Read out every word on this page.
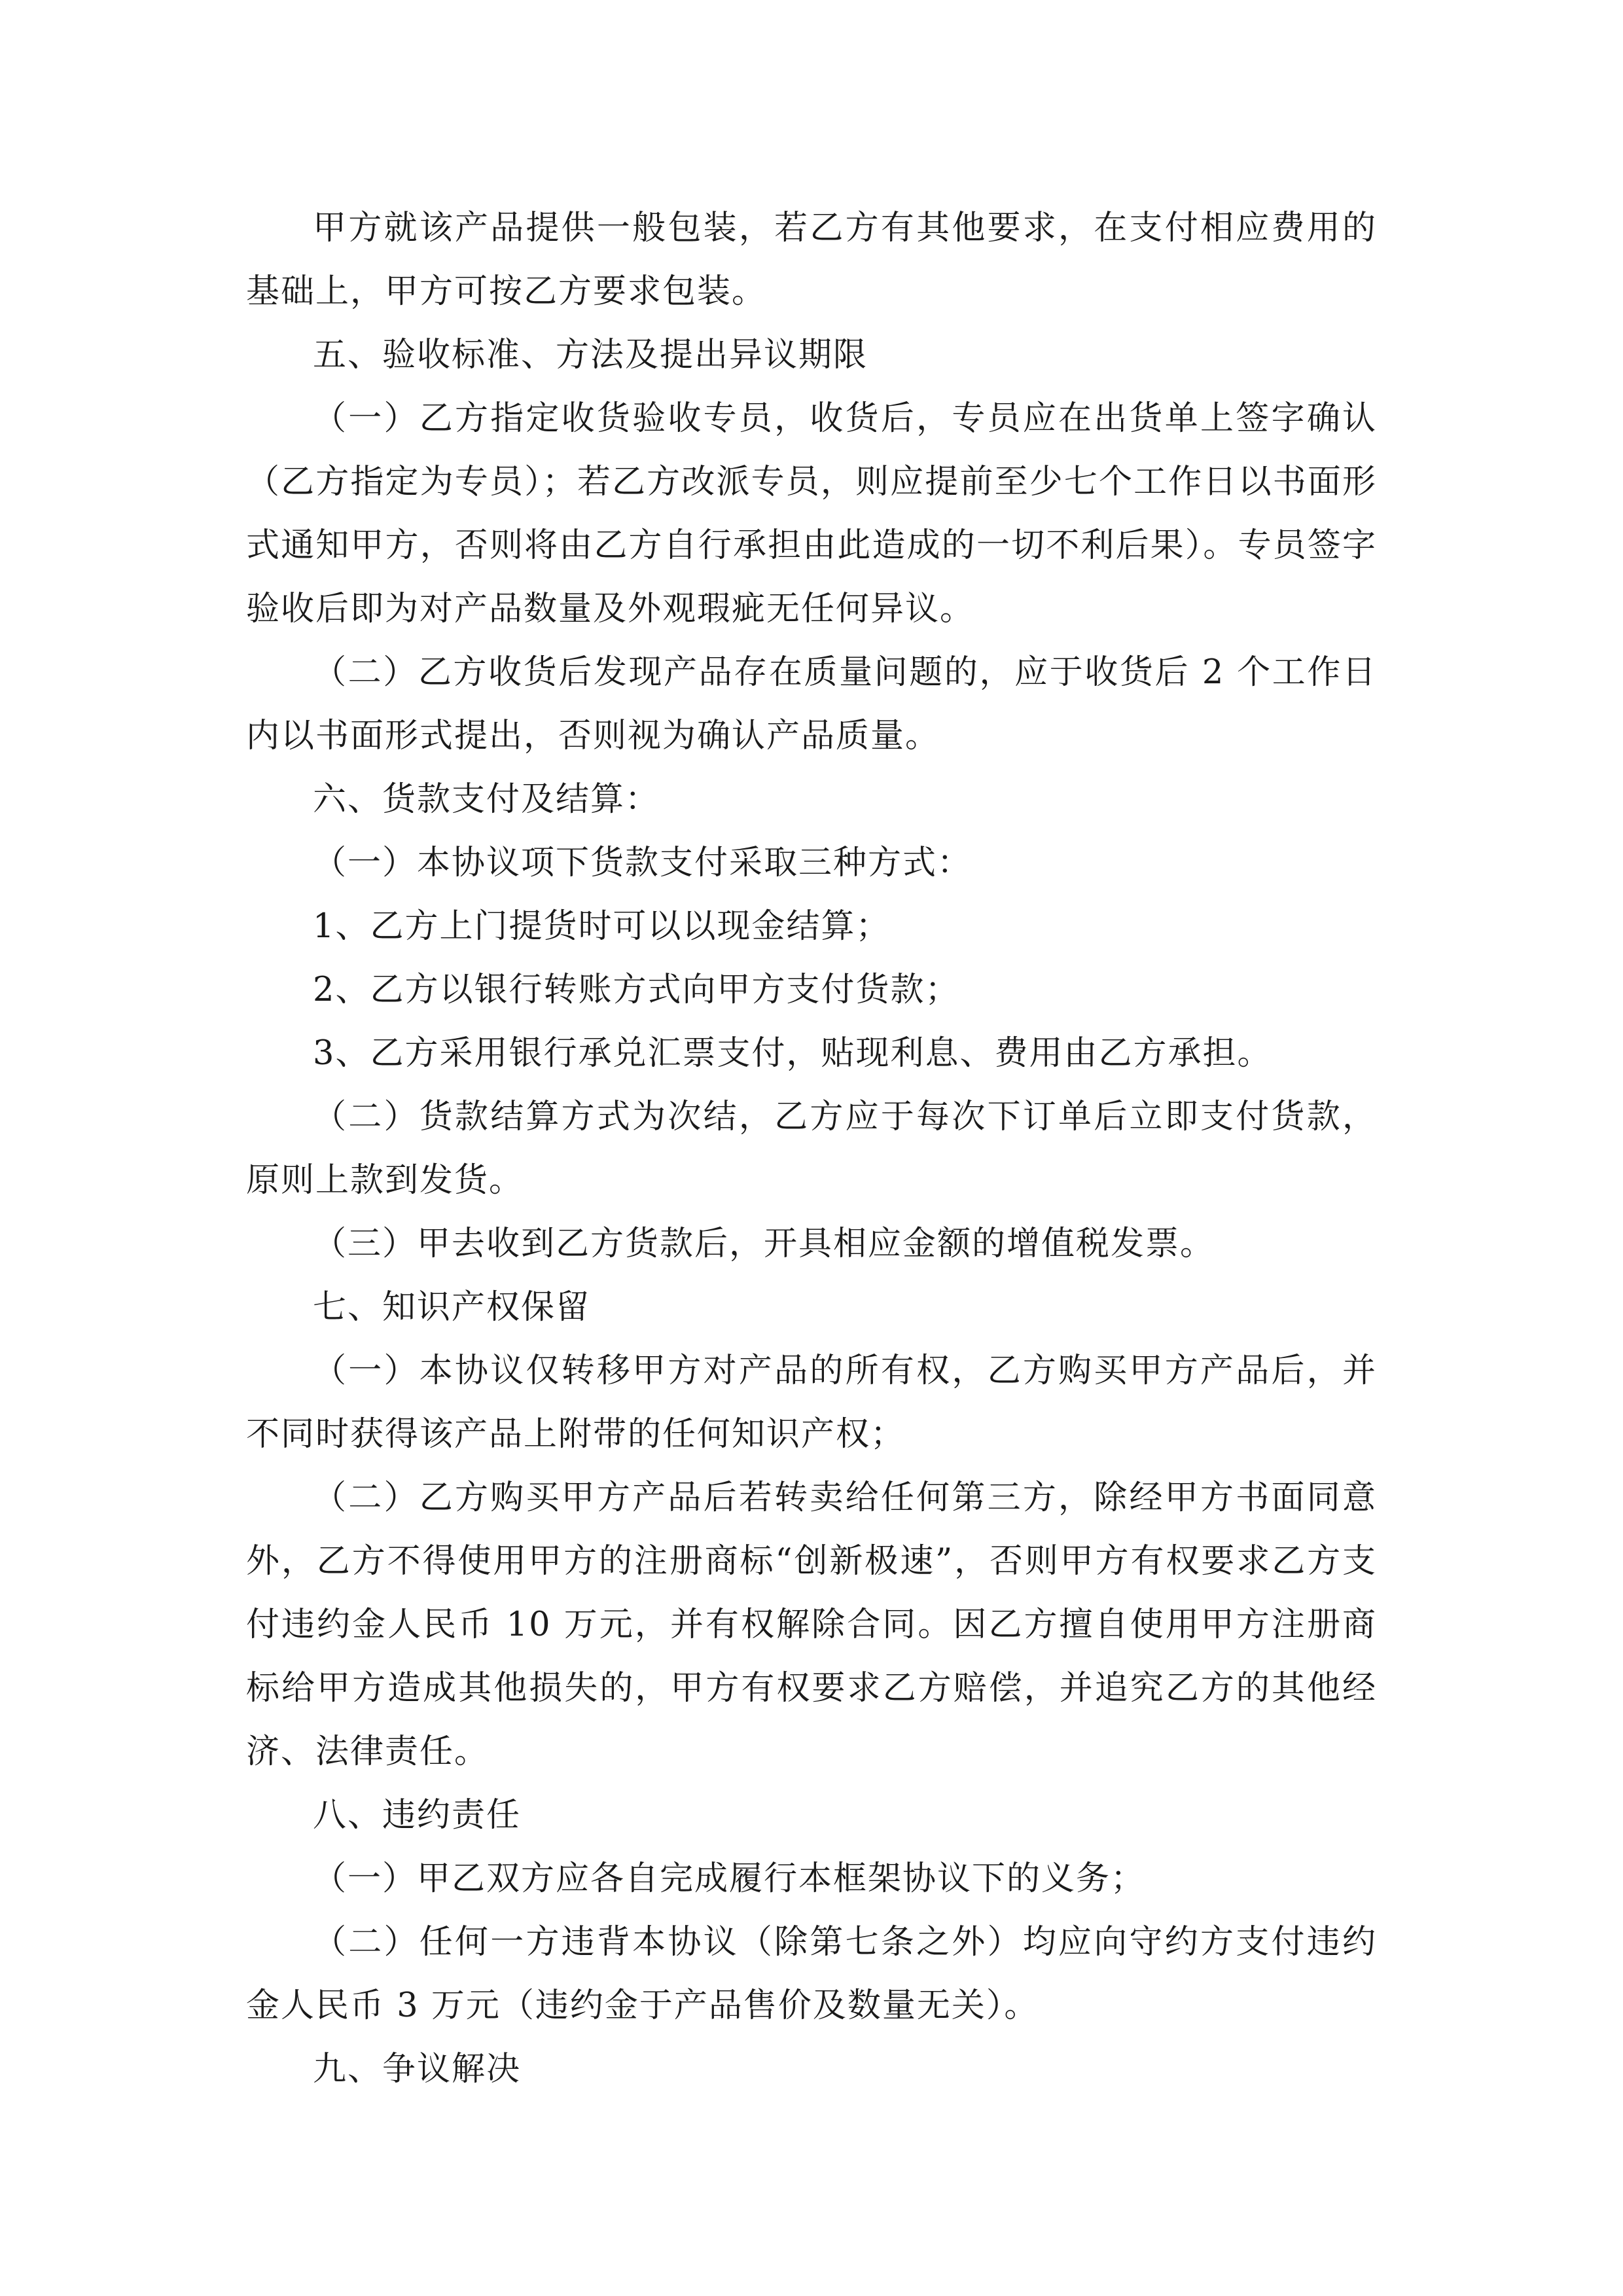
甲方就该产品提供一般包装，若乙方有其他要求，在支付相应费用的基础上，甲方可按乙方要求包装。

五、验收标准、方法及提出异议期限

（一）乙方指定收货验收专员，收货后，专员应在出货单上签字确认（乙方指定为专员）；若乙方改派专员，则应提前至少七个工作日以书面形式通知甲方，否则将由乙方自行承担由此造成的一切不利后果）。专员签字验收后即为对产品数量及外观瑕疵无任何异议。

（二）乙方收货后发现产品存在质量问题的，应于收货后 2 个工作日内以书面形式提出，否则视为确认产品质量。

六、货款支付及结算：

（一）本协议项下货款支付采取三种方式：

1、乙方上门提货时可以以现金结算；

2、乙方以银行转账方式向甲方支付货款；

3、乙方采用银行承兑汇票支付，贴现利息、费用由乙方承担。

（二）货款结算方式为次结，乙方应于每次下订单后立即支付货款，原则上款到发货。

（三）甲去收到乙方货款后，开具相应金额的增值税发票。

七、知识产权保留

（一）本协议仅转移甲方对产品的所有权，乙方购买甲方产品后，并不同时获得该产品上附带的任何知识产权；

（二）乙方购买甲方产品后若转卖给任何第三方，除经甲方书面同意外，乙方不得使用甲方的注册商标“创新极速”，否则甲方有权要求乙方支付违约金人民币 10 万元，并有权解除合同。因乙方擅自使用甲方注册商标给甲方造成其他损失的，甲方有权要求乙方赔偿，并追究乙方的其他经济、法律责任。

八、违约责任

（一）甲乙双方应各自完成履行本框架协议下的义务；

（二）任何一方违背本协议（除第七条之外）均应向守约方支付违约金人民币 3 万元（违约金于产品售价及数量无关）。

九、争议解决
